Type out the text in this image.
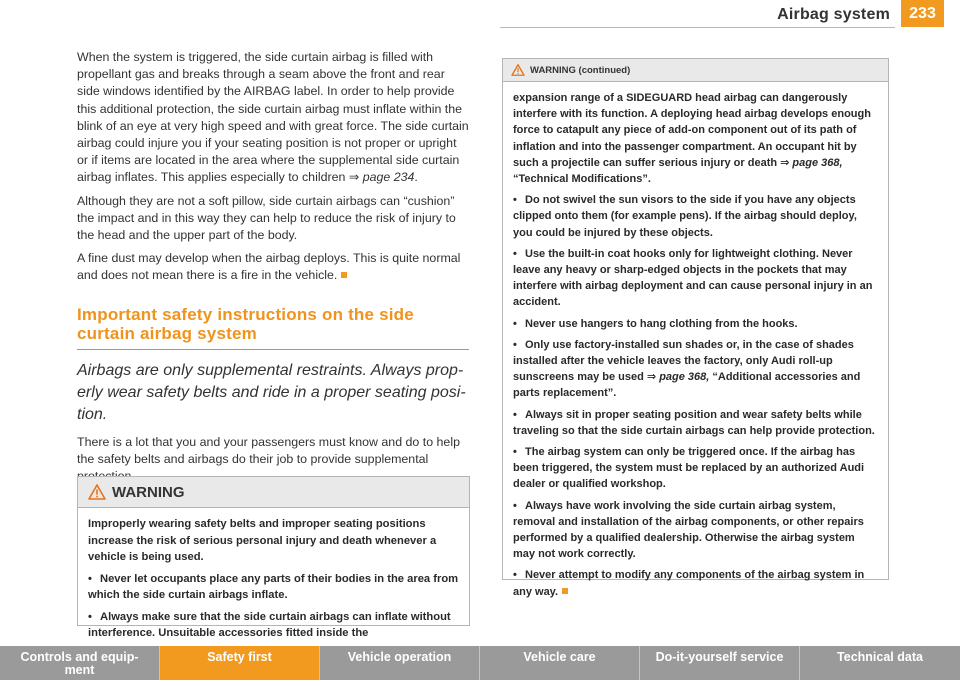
Airbag system	233

When the system is triggered, the side curtain airbag is filled with propellant gas and breaks through a seam above the front and rear side windows identified by the AIRBAG label. In order to help provide this additional protection, the side curtain airbag must inflate within the blink of an eye at very high speed and with great force. The side curtain airbag could injure you if your seating position is not proper or upright or if items are located in the area where the supplemental side curtain airbag inflates. This applies especially to children ⇒ page 234.

Although they are not a soft pillow, side curtain airbags can “cushion” the impact and in this way they can help to reduce the risk of injury to the head and the upper part of the body.

A fine dust may develop when the airbag deploys. This is quite normal and does not mean there is a fire in the vehicle.

Important safety instructions on the side curtain airbag system

Airbags are only supplemental restraints. Always prop-erly wear safety belts and ride in a proper seating posi-tion.

There is a lot that you and your passengers must know and do to help the safety belts and airbags do their job to provide supplemental

WARNING

Improperly wearing safety belts and improper seating positions increase the risk of serious personal injury and death whenever a vehicle is being used.

• Never let occupants place any parts of their bodies in the area from which the side curtain airbags inflate.

• Always make sure that the side curtain airbags can inflate without interference. Unsuitable accessories fitted inside the

WARNING (continued)

expansion range of a SIDEGUARD head airbag can dangerously interfere with its function. A deploying head airbag develops enough force to catapult any piece of add-on component out of its path of inflation and into the passenger compartment. An occupant hit by such a projectile can suffer serious injury or death ⇒ page 368, “Technical Modifications”.

• Do not swivel the sun visors to the side if you have any objects clipped onto them (for example pens). If the airbag should deploy, you could be injured by these objects.

• Use the built-in coat hooks only for lightweight clothing. Never leave any heavy or sharp-edged objects in the pockets that may interfere with airbag deployment and can cause personal injury in an accident.

• Never use hangers to hang clothing from the hooks.

• Only use factory-installed sun shades or, in the case of shades installed after the vehicle leaves the factory, only Audi roll-up sunscreens may be used ⇒ page 368, “Additional accessories and parts replacement”.

• Always sit in proper seating position and wear safety belts while traveling so that the side curtain airbags can help provide protection.

• The airbag system can only be triggered once. If the airbag has been triggered, the system must be replaced by an authorized Audi dealer or qualified workshop.

• Always have work involving the side curtain airbag system, removal and installation of the airbag components, or other repairs performed by a qualified dealership. Otherwise the airbag system may not work correctly.

• Never attempt to modify any components of the airbag system in any way.

Controls and equip-
ment
Safety first	Vehicle operation	Vehicle care	Do-it-yourself service	Technical data
